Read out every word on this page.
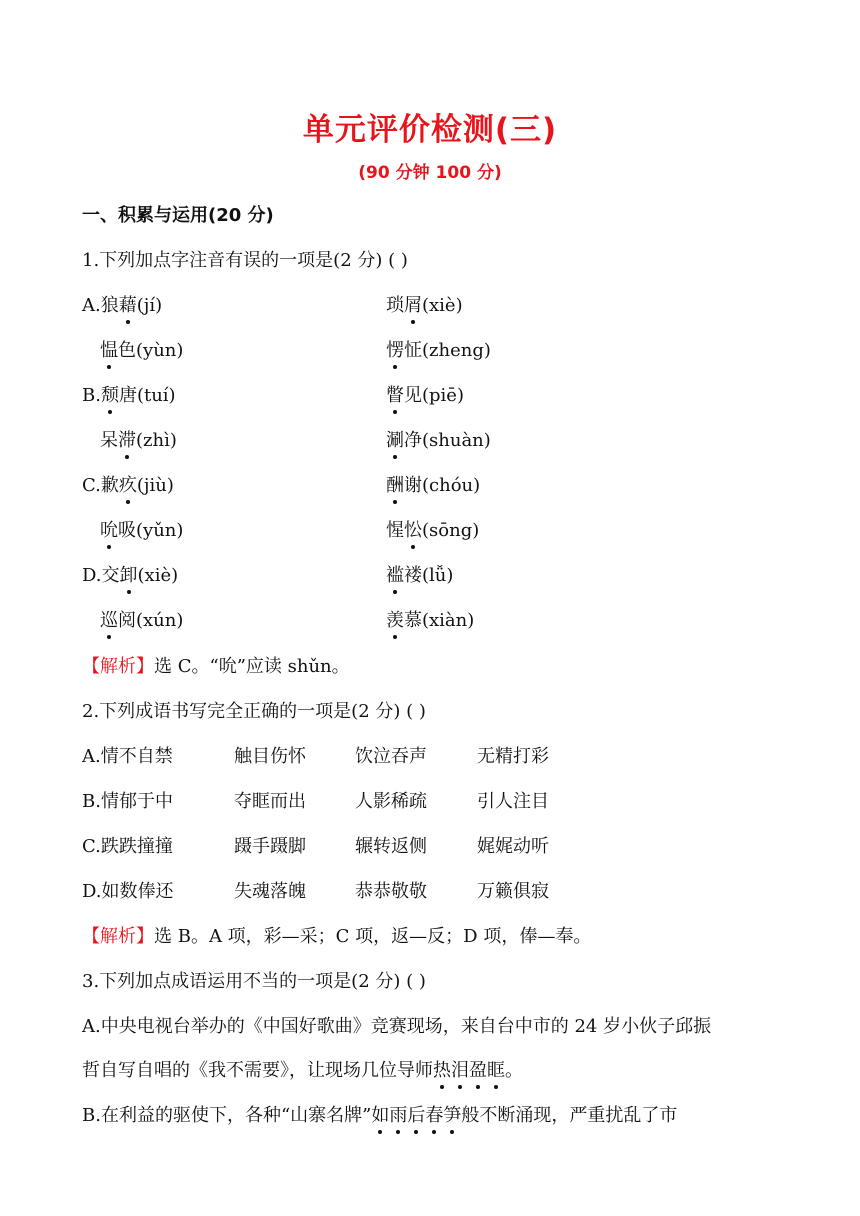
单元评价检测(三)
(90 分钟 100 分)
一、积累与运用(20 分)
1.下列加点字注音有误的一项是(2 分) ( )
A.狼藉(jí)	琐屑(xiè)
　愠色(yùn)	愣怔(zheng)
B.颓唐(tuí)	瞥见(piē)
　呆滞(zhì)	涮净(shuàn)
C.歉疚(jiù)	酬谢(chóu)
　吮吸(yǔn)	惺忪(sōng)
D.交卸(xiè)	褴褛(lǚ)
　巡阅(xún)	羡慕(xiàn)
【解析】选 C。“吮”应读 shǔn。
2.下列成语书写完全正确的一项是(2 分) ( )
A.情不自禁	触目伤怀	饮泣吞声	无精打彩
B.情郁于中	夺眶而出	人影稀疏	引人注目
C.跌跌撞撞	蹑手蹑脚	辗转返侧	娓娓动听
D.如数俸还	失魂落魄	恭恭敬敬	万籁俱寂
【解析】选 B。A 项，彩—采；C 项，返—反；D 项，俸—奉。
3.下列加点成语运用不当的一项是(2 分) ( )
A.中央电视台举办的《中国好歌曲》竞赛现场，来自台中市的 24 岁小伙子邱振
哲自写自唱的《我不需要》，让现场几位导师热泪盈眶。
B.在利益的驱使下，各种“山寨名牌”如雨后春笋般不断涌现，严重扰乱了市
